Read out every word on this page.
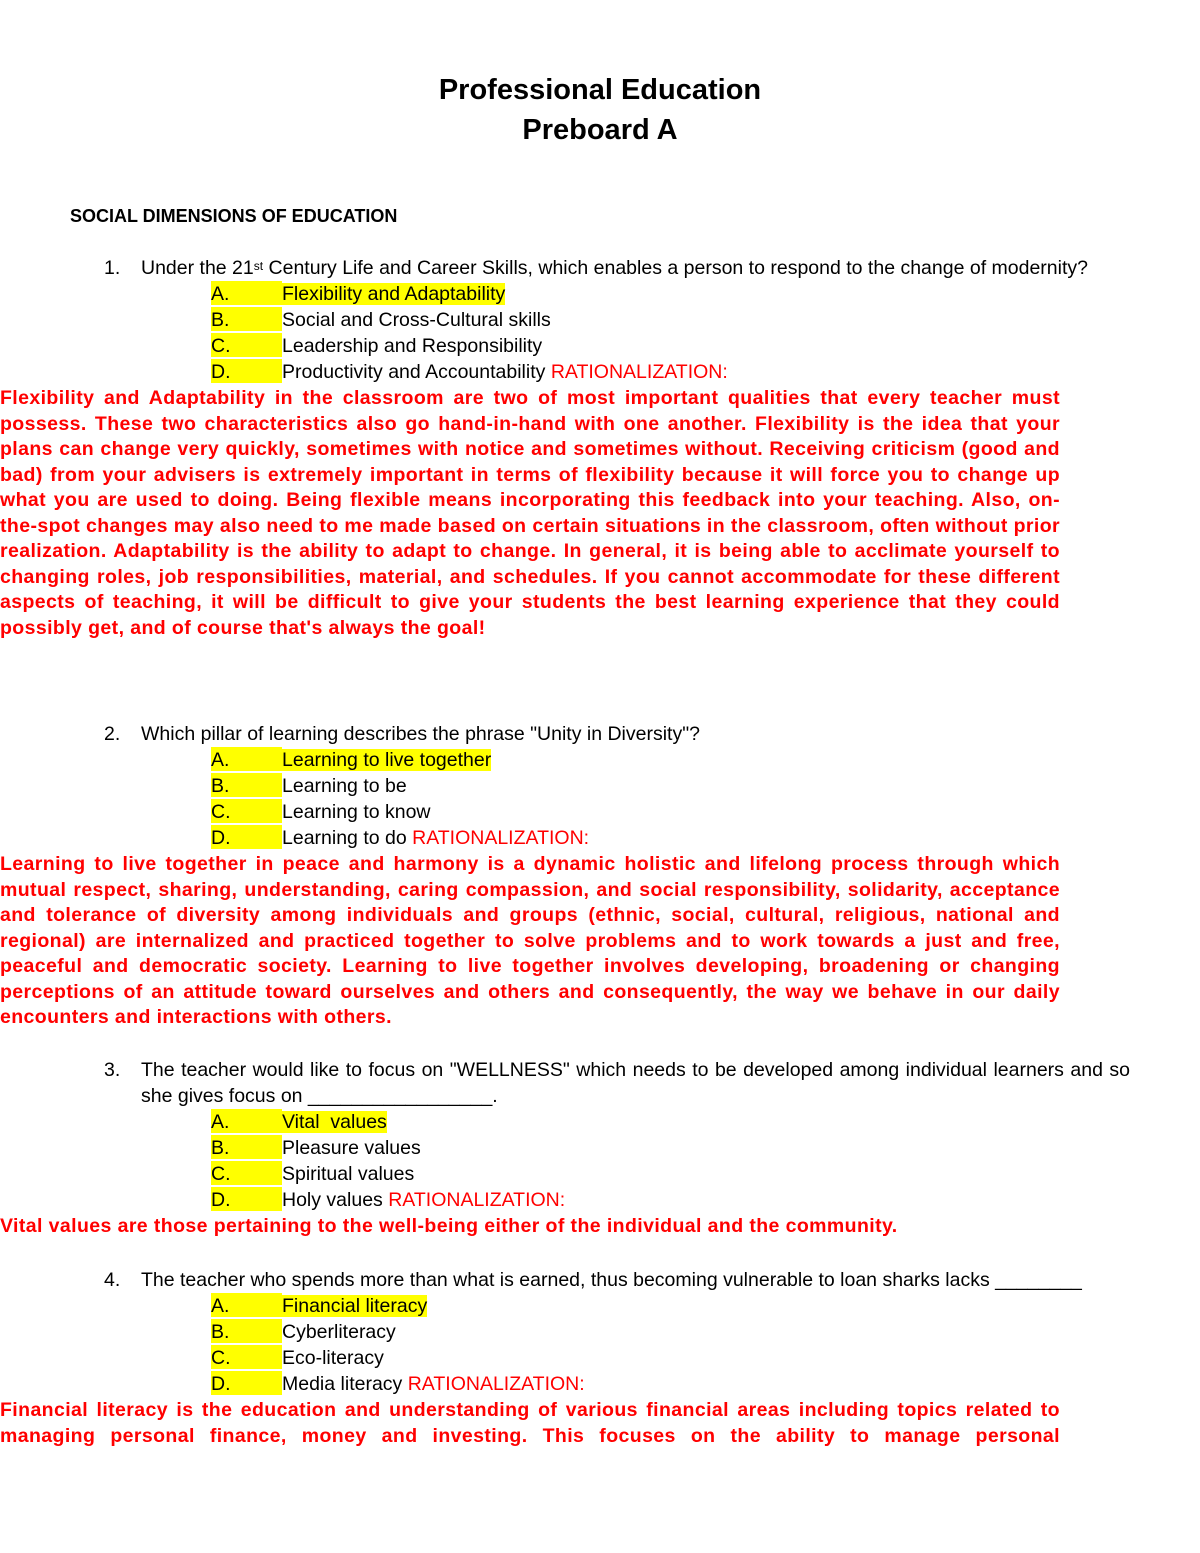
Professional Education
Preboard A
SOCIAL DIMENSIONS OF EDUCATION
1. Under the 21st Century Life and Career Skills, which enables a person to respond to the change of modernity?
A.	Flexibility and Adaptability
B.	Social and Cross-Cultural skills
C.	Leadership and Responsibility
D.	Productivity and Accountability RATIONALIZATION:
Flexibility and Adaptability in the classroom are two of most important qualities that every teacher must possess. These two characteristics also go hand-in-hand with one another. Flexibility is the idea that your plans can change very quickly, sometimes with notice and sometimes without. Receiving criticism (good and bad) from your advisers is extremely important in terms of flexibility because it will force you to change up what you are used to doing. Being flexible means incorporating this feedback into your teaching. Also, on-the-spot changes may also need to me made based on certain situations in the classroom, often without prior realization. Adaptability is the ability to adapt to change. In general, it is being able to acclimate yourself to changing roles, job responsibilities, material, and schedules. If you cannot accommodate for these different aspects of teaching, it will be difficult to give your students the best learning experience that they could possibly get, and of course that's always the goal!
2. Which pillar of learning describes the phrase "Unity in Diversity"?
A.	Learning to live together
B.	Learning to be
C.	Learning to know
D.	Learning to do RATIONALIZATION:
Learning to live together in peace and harmony is a dynamic holistic and lifelong process through which mutual respect, sharing, understanding, caring compassion, and social responsibility, solidarity, acceptance and tolerance of diversity among individuals and groups (ethnic, social, cultural, religious, national and regional) are internalized and practiced together to solve problems and to work towards a just and free, peaceful and democratic society. Learning to live together involves developing, broadening or changing perceptions of an attitude toward ourselves and others and consequently, the way we behave in our daily encounters and interactions with others.
3. The teacher would like to focus on "WELLNESS" which needs to be developed among individual learners and so she gives focus on _________________.
A.	Vital  values
B.	Pleasure values
C.	Spiritual values
D.	Holy values RATIONALIZATION:
Vital values are those pertaining to the well-being either of the individual and the community.
4. The teacher who spends more than what is earned, thus becoming vulnerable to loan sharks lacks ________
A.	Financial literacy
B.	Cyberliteracy
C.	Eco-literacy
D.	Media literacy RATIONALIZATION:
Financial literacy is the education and understanding of various financial areas including topics related to managing personal finance, money and investing. This focuses on the ability to manage personal
